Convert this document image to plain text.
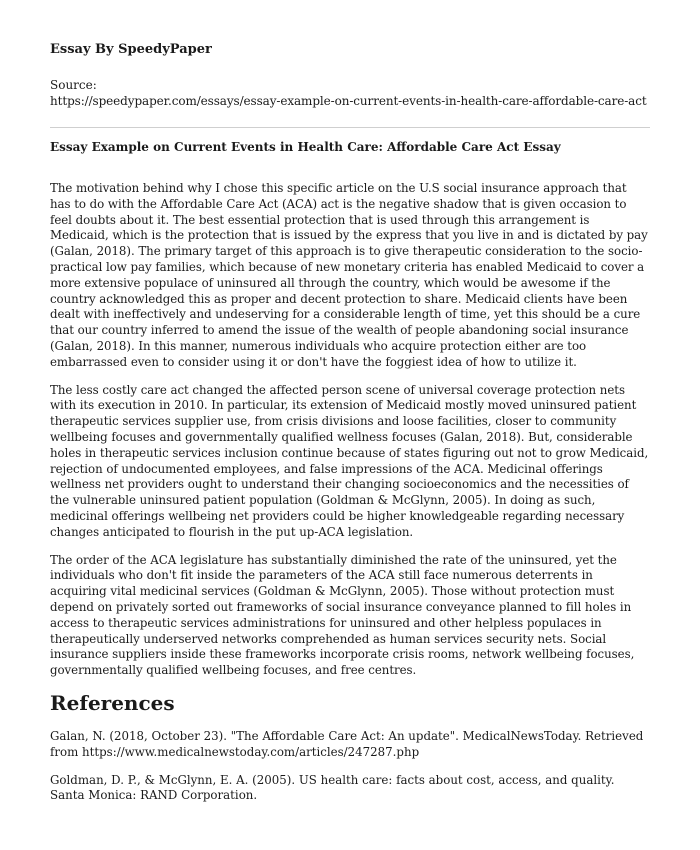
Essay By SpeedyPaper
Source:
https://speedypaper.com/essays/essay-example-on-current-events-in-health-care-affordable-care-act
Essay Example on Current Events in Health Care: Affordable Care Act Essay

The motivation behind why I chose this specific article on the U.S social insurance approach that has to do with the Affordable Care Act (ACA) act is the negative shadow that is given occasion to feel doubts about it. The best essential protection that is used through this arrangement is Medicaid, which is the protection that is issued by the express that you live in and is dictated by pay (Galan, 2018). The primary target of this approach is to give therapeutic consideration to the socio-practical low pay families, which because of new monetary criteria has enabled Medicaid to cover a more extensive populace of uninsured all through the country, which would be awesome if the country acknowledged this as proper and decent protection to share. Medicaid clients have been dealt with ineffectively and undeserving for a considerable length of time, yet this should be a cure that our country inferred to amend the issue of the wealth of people abandoning social insurance (Galan, 2018). In this manner, numerous individuals who acquire protection either are too embarrassed even to consider using it or don't have the foggiest idea of how to utilize it.

The less costly care act changed the affected person scene of universal coverage protection nets with its execution in 2010. In particular, its extension of Medicaid mostly moved uninsured patient therapeutic services supplier use, from crisis divisions and loose facilities, closer to community wellbeing focuses and governmentally qualified wellness focuses (Galan, 2018). But, considerable holes in therapeutic services inclusion continue because of states figuring out not to grow Medicaid, rejection of undocumented employees, and false impressions of the ACA. Medicinal offerings wellness net providers ought to understand their changing socioeconomics and the necessities of the vulnerable uninsured patient population (Goldman & McGlynn, 2005). In doing as such, medicinal offerings wellbeing net providers could be higher knowledgeable regarding necessary changes anticipated to flourish in the put up-ACA legislation.

The order of the ACA legislature has substantially diminished the rate of the uninsured, yet the individuals who don't fit inside the parameters of the ACA still face numerous deterrents in acquiring vital medicinal services (Goldman & McGlynn, 2005). Those without protection must depend on privately sorted out frameworks of social insurance conveyance planned to fill holes in access to therapeutic services administrations for uninsured and other helpless populaces in therapeutically underserved networks comprehended as human services security nets. Social insurance suppliers inside these frameworks incorporate crisis rooms, network wellbeing focuses, governmentally qualified wellbeing focuses, and free centres.

References

Galan, N. (2018, October 23). "The Affordable Care Act: An update". MedicalNewsToday. Retrieved from https://www.medicalnewstoday.com/articles/247287.php

Goldman, D. P., & McGlynn, E. A. (2005). US health care: facts about cost, access, and quality. Santa Monica: RAND Corporation.
